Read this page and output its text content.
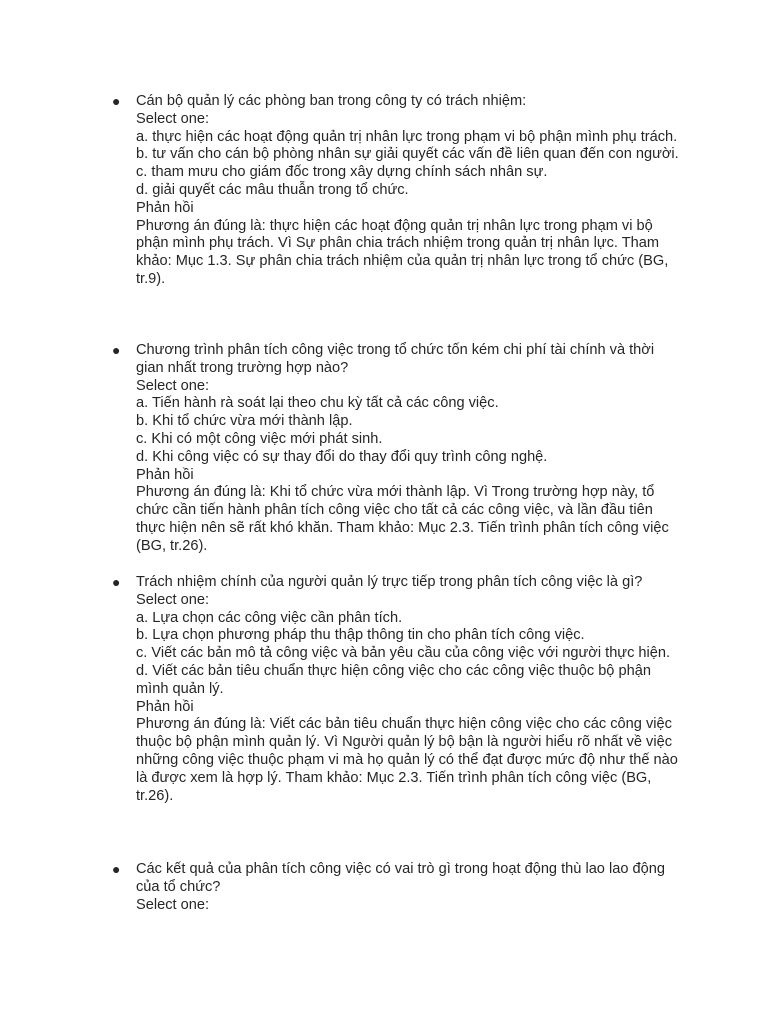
● Cán bộ quản lý các phòng ban trong công ty có trách nhiệm:
Select one:
a. thực hiện các hoạt động quản trị nhân lực trong phạm vi bộ phận mình phụ trách.
b. tư vấn cho cán bộ phòng nhân sự giải quyết các vấn đề liên quan đến con người.
c. tham mưu cho giám đốc trong xây dựng chính sách nhân sự.
d. giải quyết các mâu thuẫn trong tổ chức.
Phản hồi
Phương án đúng là: thực hiện các hoạt động quản trị nhân lực trong phạm vi bộ phận mình phụ trách. Vì Sự phân chia trách nhiệm trong quản trị nhân lực. Tham khảo: Mục 1.3. Sự phân chia trách nhiệm của quản trị nhân lực trong tổ chức (BG, tr.9).
● Chương trình phân tích công việc trong tổ chức tốn kém chi phí tài chính và thời gian nhất trong trường hợp nào?
Select one:
a. Tiến hành rà soát lại theo chu kỳ tất cả các công việc.
b. Khi tổ chức vừa mới thành lập.
c. Khi có một công việc mới phát sinh.
d. Khi công việc có sự thay đổi do thay đổi quy trình công nghệ.
Phản hồi
Phương án đúng là: Khi tổ chức vừa mới thành lập. Vì Trong trường hợp này, tổ chức cần tiến hành phân tích công việc cho tất cả các công việc, và lần đầu tiên thực hiện nên sẽ rất khó khăn. Tham khảo: Mục 2.3. Tiến trình phân tích công việc (BG, tr.26).
● Trách nhiệm chính của người quản lý trực tiếp trong phân tích công việc là gì?
Select one:
a. Lựa chọn các công việc cần phân tích.
b. Lựa chọn phương pháp thu thập thông tin cho phân tích công việc.
c. Viết các bản mô tả công việc và bản yêu cầu của công việc với người thực hiện.
d. Viết các bản tiêu chuẩn thực hiện công việc cho các công việc thuộc bộ phận mình quản lý.
Phản hồi
Phương án đúng là: Viết các bản tiêu chuẩn thực hiện công việc cho các công việc thuộc bộ phận mình quản lý. Vì Người quản lý bộ bận là người hiểu rõ nhất về việc những công việc thuộc phạm vi mà họ quản lý có thể đạt được mức độ như thế nào là được xem là hợp lý. Tham khảo: Mục 2.3. Tiến trình phân tích công việc (BG, tr.26).
● Các kết quả của phân tích công việc có vai trò gì trong hoạt động thù lao lao động của tổ chức?
Select one:
